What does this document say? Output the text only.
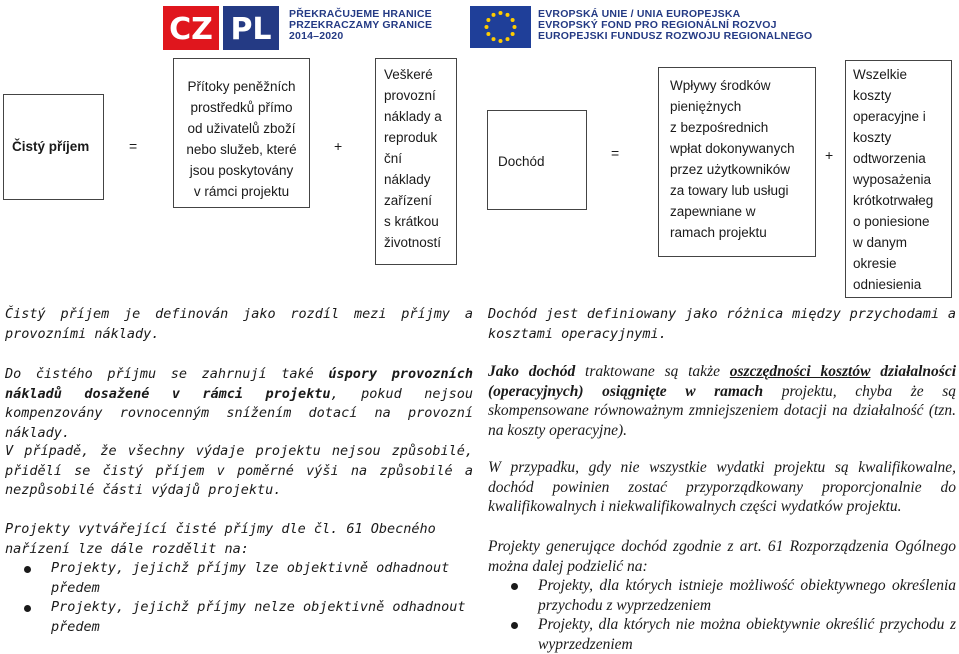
CZ PL PŘEKRAČUJEME HRANICE
PRZEKRACZAMY GRANICE
2014–2020
EVROPSKÁ UNIE / UNIA EUROPEJSKA
EVROPSKÝ FOND PRO REGIONÁLNÍ ROZVOJ
EUROPEJSKI FUNDUSZ ROZWOJU REGIONALNEGO
Čistý příjem	=
Přítoky peněžních
prostředků přímo
od uživatelů zboží
nebo služeb, které
jsou poskytovány
v rámci projektu
+
Veškeré
provozní
náklady a
reproduk
ční
náklady
zařízení
s krátkou
životností
Dochód
=
Wpływy środków
pieniężnych
z bezpośrednich
wpłat dokonywanych
przez użytkowników
za towary lub usługi
zapewniane w
ramach projektu
+
Wszelkie
koszty
operacyjne i
koszty
odtworzenia
wyposażenia
krótkotrwałeg
o poniesione
w danym
okresie
odniesienia
Čistý příjem je definován jako rozdíl mezi příjmy a provozními náklady.
Do čistého příjmu se zahrnují také úspory provozních nákladů dosažené v rámci projektu, pokud nejsou kompenzovány rovnocenným snížením dotací na provozní náklady.
V případě, že všechny výdaje projektu nejsou způsobilé, přidělí se čistý příjem v poměrné výši na způsobilé a nezpůsobilé části výdajů projektu.
Projekty vytvářející čisté příjmy dle čl. 61 Obecného nařízení lze dále rozdělit na:
Projekty, jejichž příjmy lze objektivně odhadnout předem
Projekty, jejichž příjmy nelze objektivně odhadnout předem
Dochód jest definiowany jako różnica między przychodami a kosztami operacyjnymi.
Jako dochód traktowane są także oszczędności kosztów działalności (operacyjnych) osiągnięte w ramach projektu, chyba że są skompensowane równoważnym zmniejszeniem dotacji na działalność (tzn. na koszty operacyjne).
W przypadku, gdy nie wszystkie wydatki projektu są kwalifikowalne, dochód powinien zostać przyporządkowany proporcjonalnie do kwalifikowalnych i niekwalifikowalnych części wydatków projektu.
Projekty generujące dochód zgodnie z art. 61 Rozporządzenia Ogólnego można dalej podzielić na:
Projekty, dla których istnieje możliwość obiektywnego określenia przychodu z wyprzedzeniem
Projekty, dla których nie można obiektywnie określić przychodu z wyprzedzeniem
